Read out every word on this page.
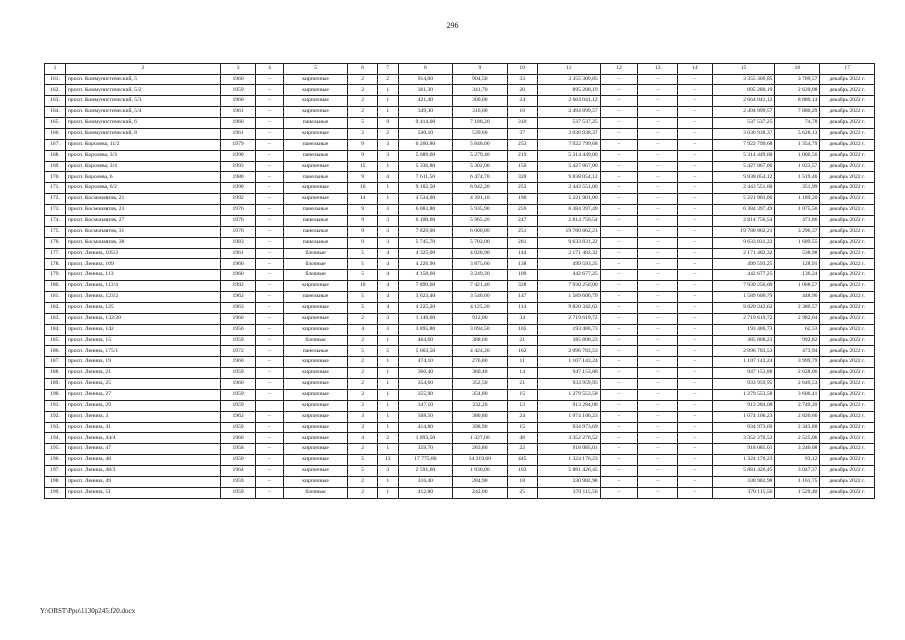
296
1	2	3	4	5	6	7	8	9	10	11	12	13	14	15	16	17
161.	просп. Коммунистический, 5	1960	–	кирпичные	2	2	914,00	904,50	33	3 355 309,85	–	–	–	3 355 309,85	3 709,57	декабрь 2022 г.
162.	просп. Коммунистический, 5/2	1959	–	кирпичные	2	1	361,30	341,70	20	895 280,19	–	–	–	895 280,19	2 620,08	декабрь 2022 г.
163.	просп. Коммунистический, 5/3	1960	–	кирпичные	2	1	421,40	300,00	24	2 664 041,12	–	–	–	2 664 041,12	8 880,14	декабрь 2022 г.
164.	просп. Коммунистический, 5/4	1961	–	кирпичные	2	1	349,30	316,60	16	2 494 899,57	–	–	–	2 494 899,57	7 880,29	декабрь 2022 г.
165.	просп. Коммунистический, 6	1966	–	панельные	5	9	9 414,00	7 188,20	310	537 537,25	–	–	–	537 537,25	74,78	декабрь 2022 г.
166.	просп. Коммунистический, 8	1961	–	кирпичные	2	2	540,10	539,60	37	3 036 938,37	–	–	–	3 036 938,37	5 628,13	декабрь 2022 г.
167.	просп. Королева, 11/2	1979	–	панельные	9	3	6 260,80	5 848,00	253	7 922 799,68	–	–	–	7 922 799,68	1 354,79	декабрь 2022 г.
168.	просп. Королева, 3/3	1990	–	панельные	9	3	5 689,60	5 279,40	219	5 314 449,00	–	–	–	5 314 449,00	1 006,56	декабрь 2022 г.
169.	просп. Королева, 3/4	1993	–	кирпичные	15	1	5 336,80	5 302,00	150	5 427 867,00	–	–	–	5 427 867,00	1 023,57	декабрь 2022 г.
170.	просп. Королева, 6	1980	–	панельные	9	4	7 611,50	6 474,70	328	9 838 054,12	–	–	–	9 838 054,12	1 519,46	декабрь 2022 г.
171.	просп. Королева, 6/2	1990	–	кирпичные	16	1	9 182,50	6 942,20	253	2 443 551,00	–	–	–	2 443 551,00	351,99	декабрь 2022 г.
172.	просп. Космонавтов, 21	1992	–	кирпичные	14	1	4 534,00	4 391,10	190	5 221 901,00	–	–	–	5 221 901,00	1 189,20	декабрь 2022 г.
173.	просп. Космонавтов, 23	1976	–	панельные	9	3	6 083,80	5 935,90	259	6 384 397,49	–	–	–	6 384 397,49	1 075,56	декабрь 2022 г.
174.	просп. Космонавтов, 27	1976	–	панельные	9	3	6 100,60	5 965,20	247	2 814 756,54	–	–	–	2 814 756,54	471,86	декабрь 2022 г.
175.	просп. Космонавтов, 31	1976	–	панельные	9	3	7 829,00	6 000,80	251	19 780 862,21	–	–	–	19 780 862,21	3 296,37	декабрь 2022 г.
176.	просп. Космонавтов, 38	1983	–	панельные	9	3	5 745,70	5 702,00	281	9 633 831,22	–	–	–	9 633 831,22	1 689,55	декабрь 2022 г.
177.	просп. Ленина, 105/2	1961	–	блочные	5	4	4 325,00	4 028,90	144	2 171 482,32	–	–	–	2 171 482,32	538,98	декабрь 2022 г.
178.	просп. Ленина, 109	1960	–	блочные	5	4	4 226,90	3 875,60	138	499 593,25	–	–	–	499 593,25	128,91	декабрь 2022 г.
179.	просп. Ленина, 113	1960	–	блочные	5	4	4 158,60	3 249,30	109	442 677,25	–	–	–	442 677,25	136,24	декабрь 2022 г.
180.	просп. Ленина, 113/4	1992	–	кирпичные	10	4	7 899,60	7 421,40	328	7 930 256,00	–	–	–	7 930 256,00	1 068,57	декабрь 2022 г.
181.	просп. Ленина, 123/2	1962	–	панельные	5	4	3 623,40	3 540,60	147	1 589 600,79	–	–	–	1 589 600,79	448,96	декабрь 2022 г.
182.	просп. Ленина, 125	1963	–	кирпичные	5	4	4 225,20	4 125,20	114	9 820 342,62	–	–	–	9 820 342,62	2 380,57	декабрь 2022 г.
183.	просп. Ленина, 132/20	1960	–	кирпичные	2	3	1 140,00	912,00	34	2 719 619,72	–	–	–	2 719 619,72	2 982,04	декабрь 2022 г.
184.	просп. Ленина, 142	1956	–	кирпичные	4	3	3 895,80	3 094,50	105	193 486,73	–	–	–	193 486,73	62,53	декабрь 2022 г.
185.	просп. Ленина, 15	1959	–	блочные	2	1	464,60	388,60	21	385 808,23	–	–	–	385 808,23	992,82	декабрь 2022 г.
186.	просп. Ленина, 175/1	1972	–	панельные	5	5	5 663,50	4 424,20	162	2 096 783,53	–	–	–	2 096 783,53	473,94	декабрь 2022 г.
187.	просп. Ленина, 19	1960	–	кирпичные	2	1	474,10	276,80	11	1 107 143,24	–	–	–	1 107 143,24	3 999,79	декабрь 2022 г.
188.	просп. Ленина, 21	1959	–	кирпичные	2	1	360,40	360,40	14	947 153,88	–	–	–	947 153,88	2 628,06	декабрь 2022 г.
189.	просп. Ленина, 25	1960	–	кирпичные	2	1	354,60	352,50	21	933 959,95	–	–	–	933 959,95	2 649,53	декабрь 2022 г.
190.	просп. Ленина, 27	1959	–	кирпичные	2	1	355,90	354,80	15	1 279 553,58	–	–	–	1 279 553,58	3 606,41	декабрь 2022 г.
191.	просп. Ленина, 29	1959		кирпичные	2	1	347,10	332,20	13	913 284,08	–	–	–	913 284,08	2 749,20	декабрь 2022 г.
192.	просп. Ленина, 3	1962	–	кирпичные	3	1	508,50	380,80	24	1 074 106,23	–	–	–	1 074 106,23	2 820,66	декабрь 2022 г.
193.	просп. Ленина, 41	1959	–	кирпичные	3	1	414,80	398,90	15	934 973,69	–	–	–	934 973,69	2 343,88	декабрь 2022 г.
194.	просп. Ленина, 44/4	1960	–	кирпичные	4	2	1 893,50	1 327,60	48	3 352 270,52	–	–	–	3 352 270,52	2 525,06	декабрь 2022 г.
195.	просп. Ленина, 47	1958	–	кирпичные	2	1	359,70	283,80	22	918 085,01	–	–	–	918 085,01	3 240,08	декабрь 2022 г.
196.	просп. Ленина, 48	1950	–	кирпичные	5	13	17 775,80	14 219,60	445	1 324 176,23	–	–	–	1 324 176,23	93,12	декабрь 2022 г.
197.	просп. Ленина, 48/3	1964	–	кирпичные	5	3	2 591,60	1 930,00	103	5 881 426,45	–	–	–	5 881 426,45	3 047,37	декабрь 2022 г.
198.	просп. Ленина, 49	1959	–	кирпичные	2	1	316,40	284,90	18	330 982,98	–	–	–	330 982,98	1 161,75	декабрь 2022 г.
199.	просп. Ленина, 51	1959	–	блочные	2	1	412,80	242,00	25	370 115,56	–	–	–	370 115,56	1 529,40	декабрь 2022 г.
Y:\ORST\Ppo\1130p245.f20.docx
